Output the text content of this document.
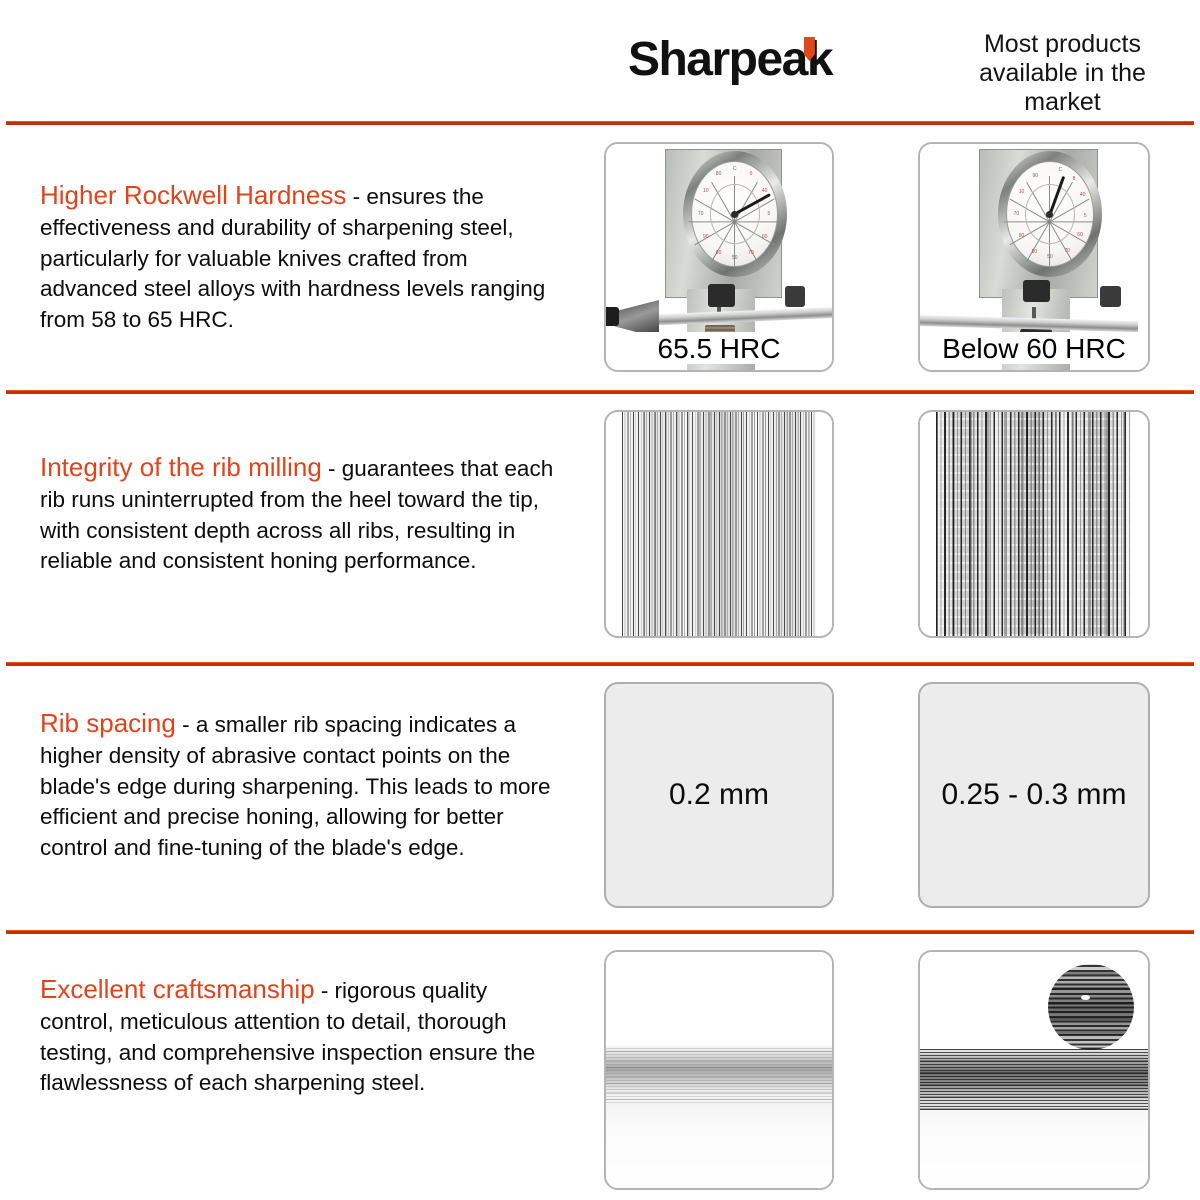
Sharpeak	Most products available in the market
Higher Rockwell Hardness - ensures the effectiveness and durability of sharpening steel, particularly for valuable knives crafted from advanced steel alloys with hardness levels ranging from 58 to 65 HRC.
C
0
40
5
60
70
50
80
90
70
10
80
65.5 HRC
C
8
40
5
60
70
50
80
90
70
10
90
Below 60 HRC
Integrity of the rib milling - guarantees that each rib runs uninterrupted from the heel toward the tip, with consistent depth across all ribs, resulting in reliable and consistent honing performance.
Rib spacing - a smaller rib spacing indicates a higher density of abrasive contact points on the blade's edge during sharpening. This leads to more efficient and precise honing, allowing for better control and fine-tuning of the blade's edge.
0.2 mm	0.25 - 0.3 mm
Excellent craftsmanship - rigorous quality control, meticulous attention to detail, thorough testing, and comprehensive inspection ensure the flawlessness of each sharpening steel.
